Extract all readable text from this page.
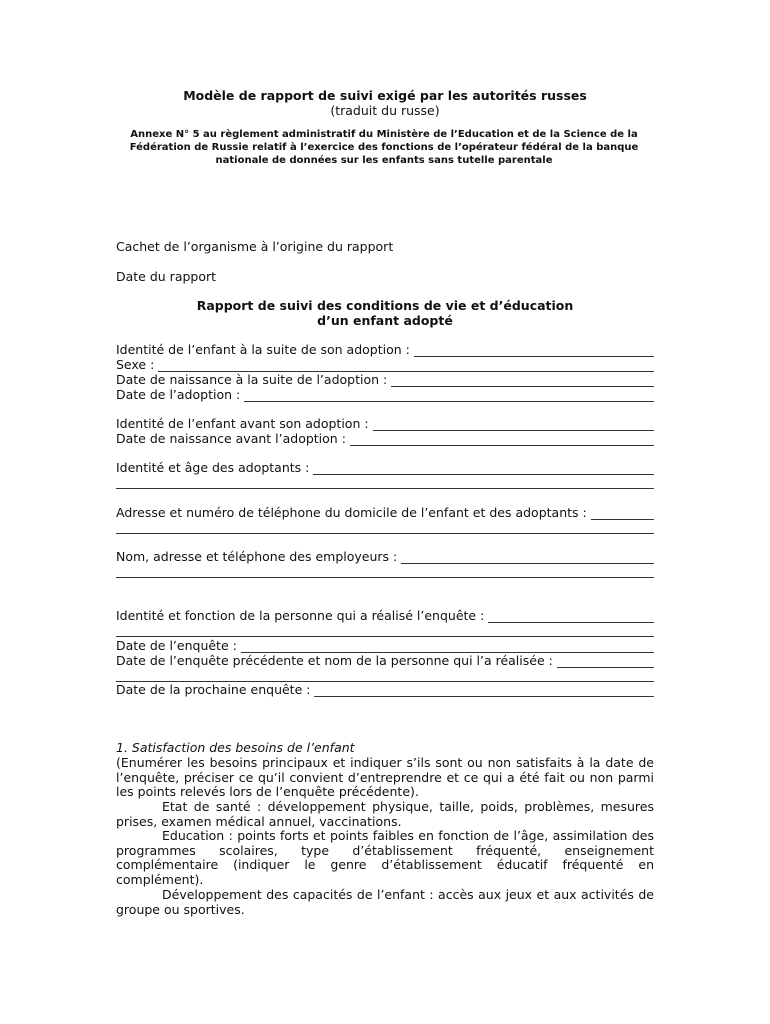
Modèle de rapport de suivi exigé par les autorités russes
(traduit du russe)
Annexe N° 5 au règlement administratif du Ministère de l’Education et de la Science de la Fédération de Russie relatif à l’exercice des fonctions de l’opérateur fédéral de la banque nationale de données sur les enfants sans tutelle parentale
Cachet de l’organisme à l’origine du rapport
Date du rapport
Rapport de suivi des conditions de vie et d’éducation
d’un enfant adopté
Identité de l’enfant à la suite de son adoption :
Sexe :
Date de naissance à la suite de l’adoption :
Date de l’adoption :
Identité de l’enfant avant son adoption :
Date de naissance avant l’adoption :
Identité et âge des adoptants :
Adresse et numéro de téléphone du domicile de l’enfant et des adoptants :
Nom, adresse et téléphone des employeurs :
Identité et fonction de la personne qui a réalisé l’enquête :
Date de l’enquête :
Date de l’enquête précédente et nom de la personne qui l’a réalisée :
Date de la prochaine enquête :
1. Satisfaction des besoins de l’enfant
(Enumérer les besoins principaux et indiquer s’ils sont ou non satisfaits à la date de l’enquête, préciser ce qu’il convient d’entreprendre et ce qui a été fait ou non parmi les points relevés lors de l’enquête précédente).
Etat de santé : développement physique, taille, poids, problèmes, mesures prises, examen médical annuel, vaccinations.
Education : points forts et points faibles en fonction de l’âge, assimilation des programmes scolaires, type d’établissement fréquenté, enseignement complémentaire (indiquer le genre d’établissement éducatif fréquenté en complément).
Développement des capacités de l’enfant : accès aux jeux et aux activités de groupe ou sportives.
